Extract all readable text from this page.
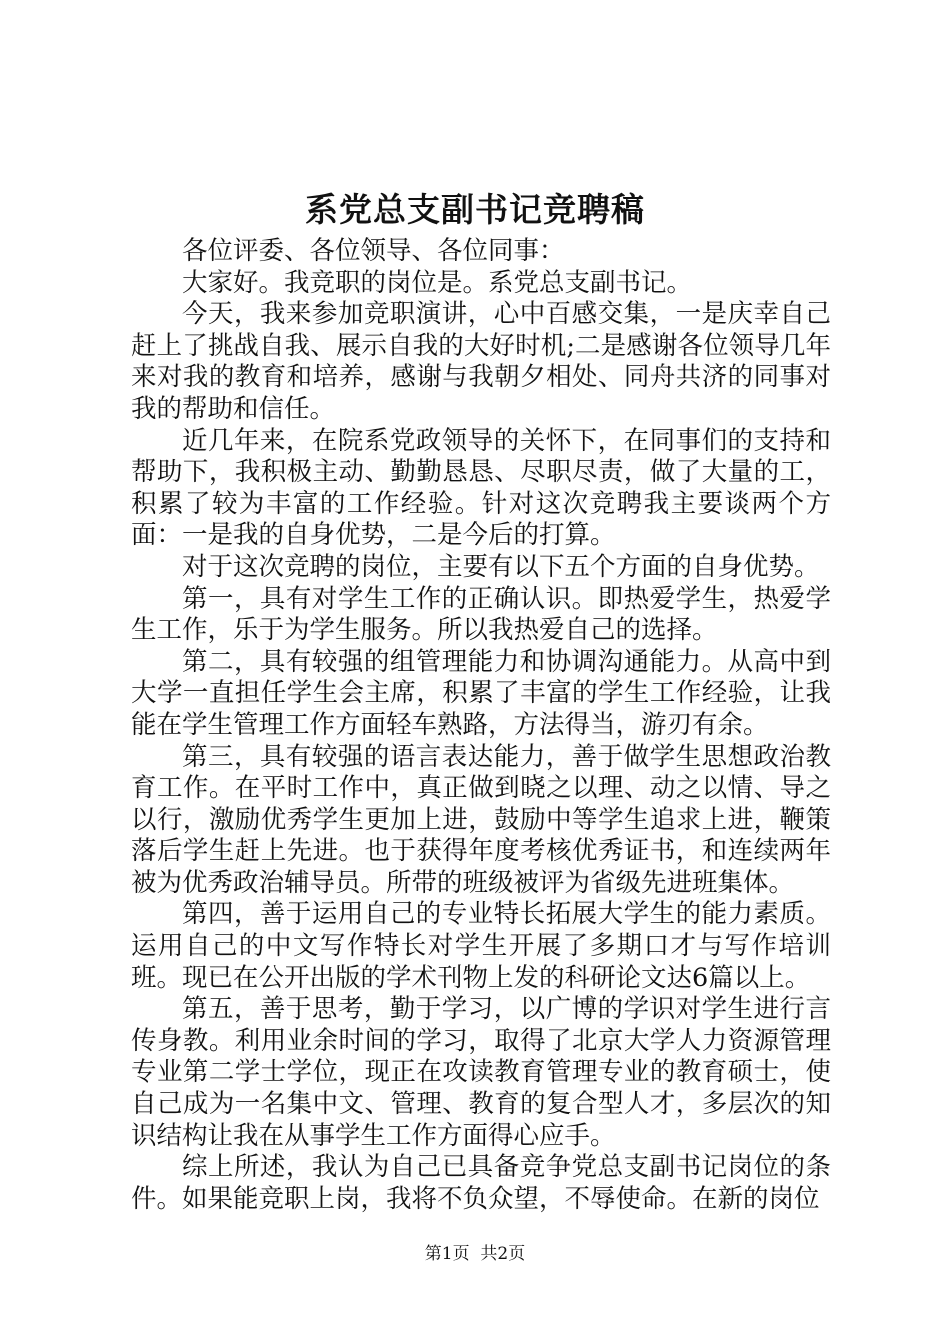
系党总支副书记竞聘稿

各位评委、各位领导、各位同事：

大家好。我竞职的岗位是。系党总支副书记。

今天，我来参加竞职演讲，心中百感交集，一是庆幸自己赶上了挑战自我、展示自我的大好时机;二是感谢各位领导几年来对我的教育和培养，感谢与我朝夕相处、同舟共济的同事对我的帮助和信任。

近几年来，在院系党政领导的关怀下，在同事们的支持和帮助下，我积极主动、勤勤恳恳、尽职尽责，做了大量的工，积累了较为丰富的工作经验。针对这次竞聘我主要谈两个方面：一是我的自身优势，二是今后的打算。

对于这次竞聘的岗位，主要有以下五个方面的自身优势。

第一，具有对学生工作的正确认识。即热爱学生，热爱学生工作，乐于为学生服务。所以我热爱自己的选择。

第二，具有较强的组管理能力和协调沟通能力。从高中到大学一直担任学生会主席，积累了丰富的学生工作经验，让我能在学生管理工作方面轻车熟路，方法得当，游刃有余。

第三，具有较强的语言表达能力，善于做学生思想政治教育工作。在平时工作中，真正做到晓之以理、动之以情、导之以行，激励优秀学生更加上进，鼓励中等学生追求上进，鞭策落后学生赶上先进。也于获得年度考核优秀证书，和连续两年被为优秀政治辅导员。所带的班级被评为省级先进班集体。

第四，善于运用自己的专业特长拓展大学生的能力素质。运用自己的中文写作特长对学生开展了多期口才与写作培训班。现已在公开出版的学术刊物上发的科研论文达6篇以上。

第五，善于思考，勤于学习，以广博的学识对学生进行言传身教。利用业余时间的学习，取得了北京大学人力资源管理专业第二学士学位，现正在攻读教育管理专业的教育硕士，使自己成为一名集中文、管理、教育的复合型人才，多层次的知识结构让我在从事学生工作方面得心应手。

综上所述，我认为自己已具备竞争党总支副书记岗位的条件。如果能竞职上岗，我将不负众望，不辱使命。在新的岗位

第1页 共2页
